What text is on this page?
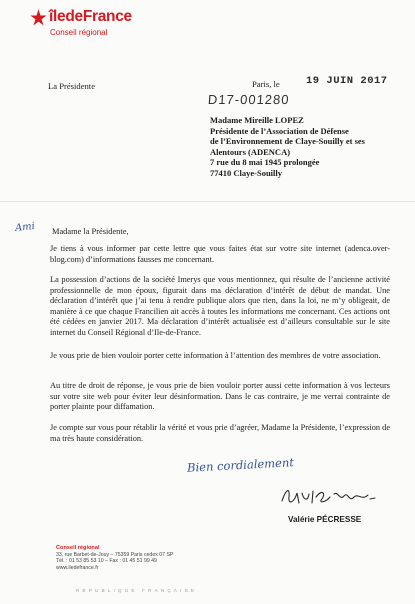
îledeFrance
Conseil régional
La Présidente	Paris, le	19 JUIN 2017
D17-001280
Madame Mireille LOPEZ
Présidente de l’Association de Défense
de l’Environnement de Claye-Souilly et ses
Alentours (ADENCA)
7 rue du 8 mai 1945 prolongée
77410 Claye-Souilly
Ami Madame la Présidente,

Je tiens à vous informer par cette lettre que vous faites état sur votre site internet (adenca.over-blog.com) d’informations fausses me concernant.

La possession d’actions de la société Imerys que vous mentionnez, qui résulte de l’ancienne activité professionnelle de mon époux, figurait dans ma déclaration d’intérêt de début de mandat. Une déclaration d’intérêt que j’ai tenu à rendre publique alors que rien, dans la loi, ne m’y obligeait, de manière à ce que chaque Francilien ait accès à toutes les informations me concernant. Ces actions ont été cédées en janvier 2017. Ma déclaration d’intérêt actualisée est d’ailleurs consultable sur le site internet du Conseil Régional d’Ile-de-France.

Je vous prie de bien vouloir porter cette information à l’attention des membres de votre association.

Au titre de droit de réponse, je vous prie de bien vouloir porter aussi cette information à vos lecteurs sur votre site web pour éviter leur désinformation. Dans le cas contraire, je me verrai contrainte de porter plainte pour diffamation.

Je compte sur vous pour rétablir la vérité et vous prie d’agréer, Madame la Présidente, l’expression de ma très haute considération.

Bien cordialement
Valérie PÉCRESSE
Conseil régional
33, rue Barbet-de-Jouy – 75359 Paris cedex 07 SP
Tél. : 01 53 85 53 10 – Fax : 01 45 51 99 49
www.iledefrance.fr
RÉPUBLIQUE FRANÇAISE
